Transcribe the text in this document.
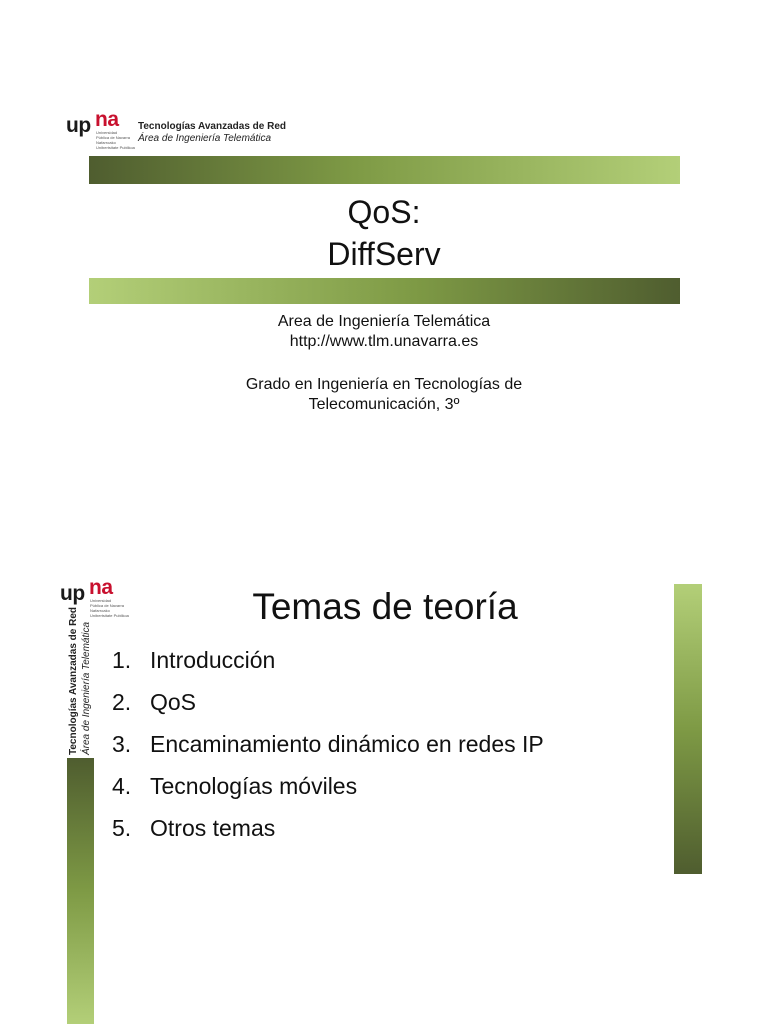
up na
Universidad
Pública de Navarra
Nafarroako
Unibertsitate Publikoa
Tecnologías Avanzadas de Red
Área de Ingeniería Telemática
QoS:
DiffServ
Area de Ingeniería Telemática
http://www.tlm.unavarra.es
Grado en Ingeniería en Tecnologías de
Telecomunicación, 3º
up na
Universidad
Pública de Navarra
Nafarroako
Unibertsitate Publikoa
Tecnologías Avanzadas de Red Área de Ingeniería Telemática
Temas de teoría
1. Introducción
2. QoS
3. Encaminamiento dinámico en redes IP
4. Tecnologías móviles
5. Otros temas
